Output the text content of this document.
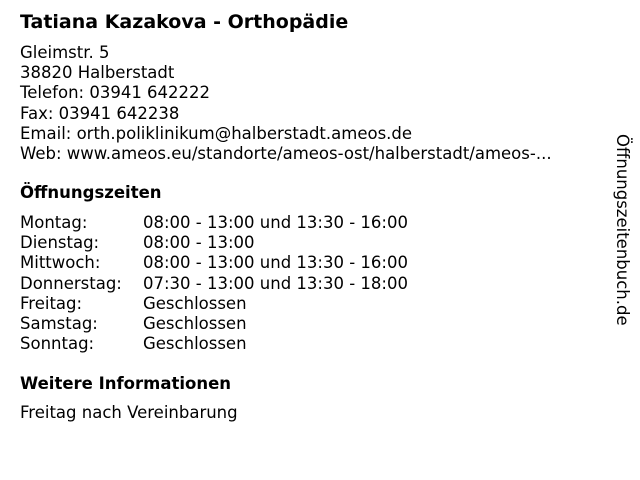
Tatiana Kazakova - Orthopädie
Gleimstr. 5
38820 Halberstadt
Telefon: 03941 642222
Fax: 03941 642238
Email: orth.poliklinikum@halberstadt.ameos.de
Web: www.ameos.eu/standorte/ameos-ost/halberstadt/ameos-...
Öffnungszeiten
Montag:	08:00 - 13:00 und 13:30 - 16:00
Dienstag:	08:00 - 13:00
Mittwoch:	08:00 - 13:00 und 13:30 - 16:00
Donnerstag:	07:30 - 13:00 und 13:30 - 18:00
Freitag:	Geschlossen
Samstag:	Geschlossen
Sonntag:	Geschlossen
Weitere Informationen
Freitag nach Vereinbarung
Öffnungszeitenbuch.de
